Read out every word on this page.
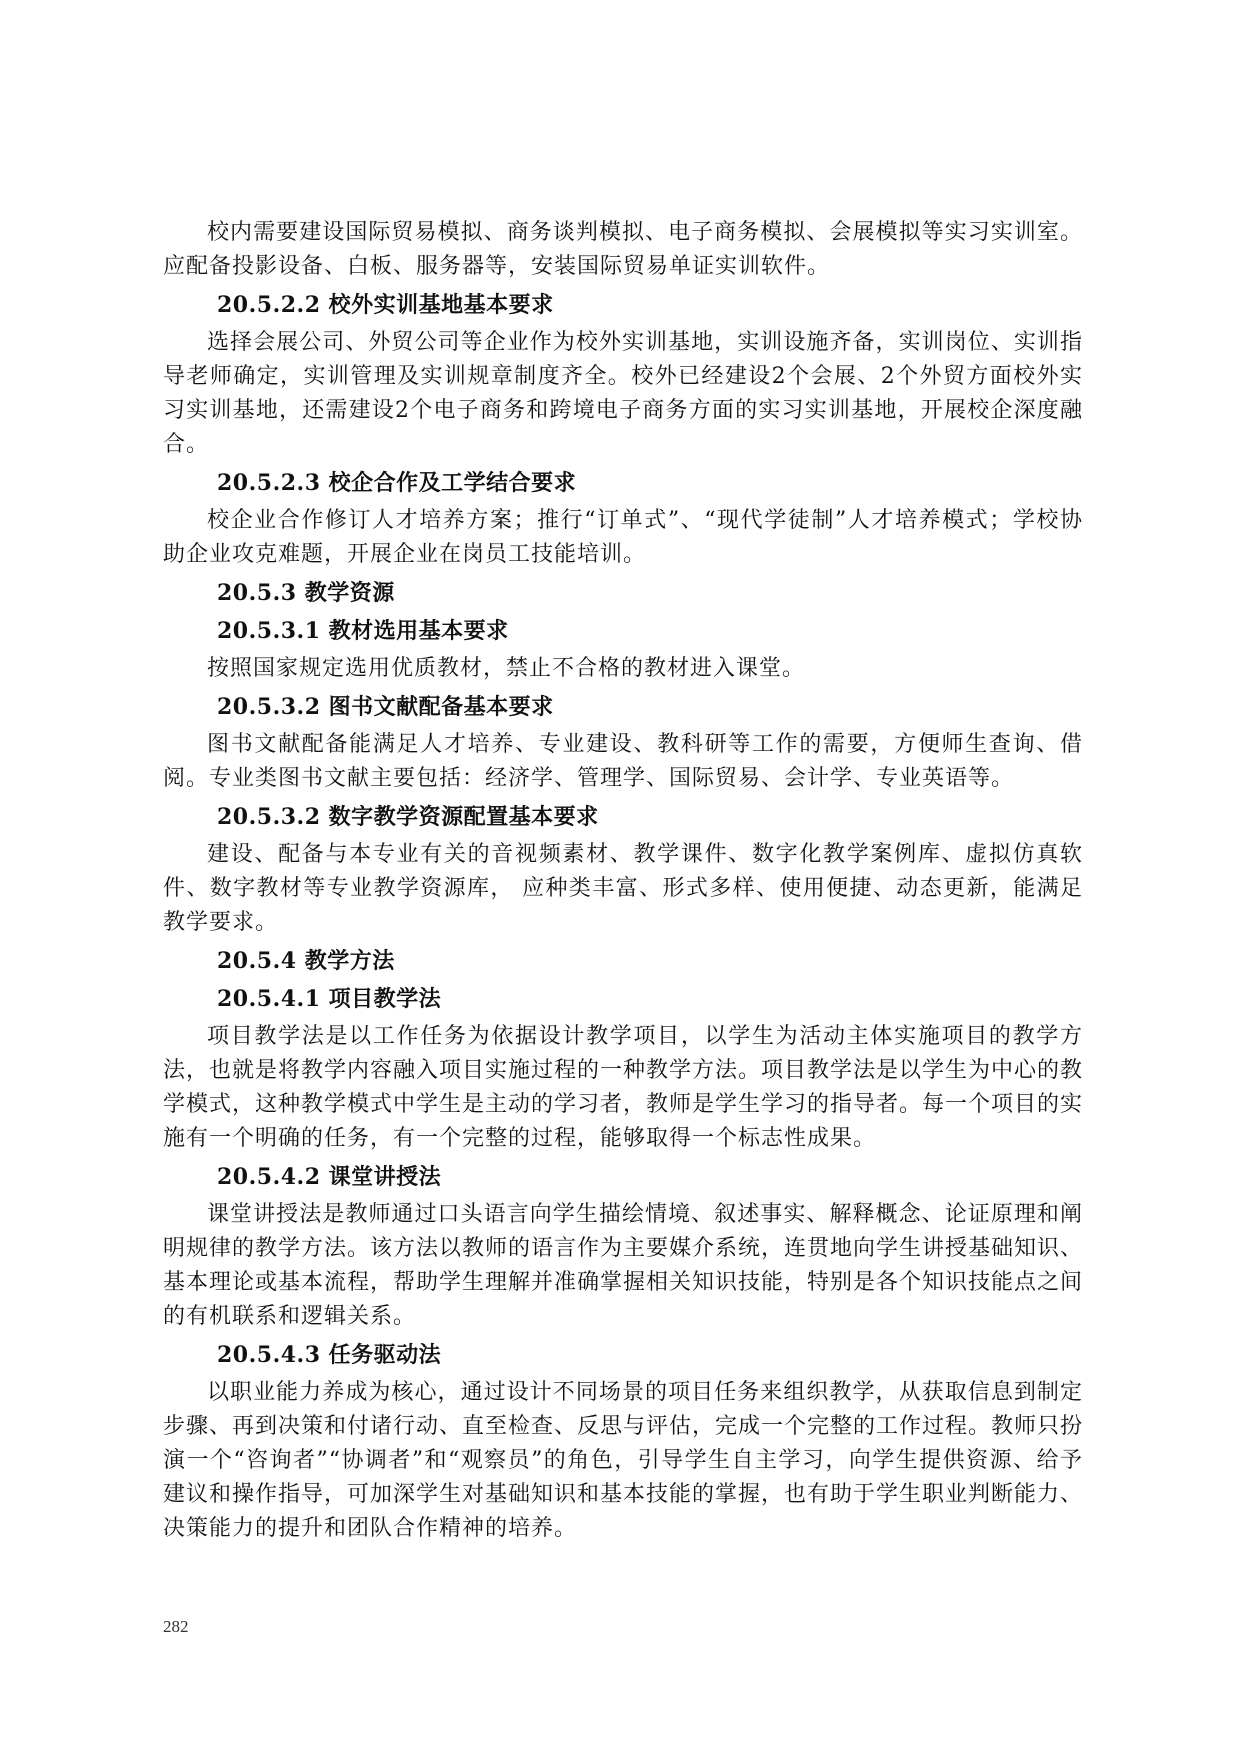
校内需要建设国际贸易模拟、商务谈判模拟、电子商务模拟、会展模拟等实习实训室。应配备投影设备、白板、服务器等，安装国际贸易单证实训软件。

20.5.2.2 校外实训基地基本要求

选择会展公司、外贸公司等企业作为校外实训基地，实训设施齐备，实训岗位、实训指导老师确定，实训管理及实训规章制度齐全。校外已经建设2个会展、2个外贸方面校外实习实训基地，还需建设2个电子商务和跨境电子商务方面的实习实训基地，开展校企深度融合。

20.5.2.3 校企合作及工学结合要求

校企业合作修订人才培养方案；推行“订单式”、“现代学徒制”人才培养模式；学校协助企业攻克难题，开展企业在岗员工技能培训。

20.5.3 教学资源
20.5.3.1 教材选用基本要求

按照国家规定选用优质教材，禁止不合格的教材进入课堂。

20.5.3.2 图书文献配备基本要求

图书文献配备能满足人才培养、专业建设、教科研等工作的需要，方便师生查询、借阅。专业类图书文献主要包括：经济学、管理学、国际贸易、会计学、专业英语等。

20.5.3.2 数字教学资源配置基本要求

建设、配备与本专业有关的音视频素材、教学课件、数字化教学案例库、虚拟仿真软件、数字教材等专业教学资源库， 应种类丰富、形式多样、使用便捷、动态更新，能满足教学要求。

20.5.4 教学方法
20.5.4.1 项目教学法

项目教学法是以工作任务为依据设计教学项目，以学生为活动主体实施项目的教学方法，也就是将教学内容融入项目实施过程的一种教学方法。项目教学法是以学生为中心的教学模式，这种教学模式中学生是主动的学习者，教师是学生学习的指导者。每一个项目的实施有一个明确的任务，有一个完整的过程，能够取得一个标志性成果。

20.5.4.2 课堂讲授法

课堂讲授法是教师通过口头语言向学生描绘情境、叙述事实、解释概念、论证原理和阐明规律的教学方法。该方法以教师的语言作为主要媒介系统，连贯地向学生讲授基础知识、基本理论或基本流程，帮助学生理解并准确掌握相关知识技能，特别是各个知识技能点之间的有机联系和逻辑关系。

20.5.4.3 任务驱动法

以职业能力养成为核心，通过设计不同场景的项目任务来组织教学，从获取信息到制定步骤、再到决策和付诸行动、直至检查、反思与评估，完成一个完整的工作过程。教师只扮演一个“咨询者”“协调者”和“观察员”的角色，引导学生自主学习，向学生提供资源、给予建议和操作指导，可加深学生对基础知识和基本技能的掌握，也有助于学生职业判断能力、决策能力的提升和团队合作精神的培养。

282
